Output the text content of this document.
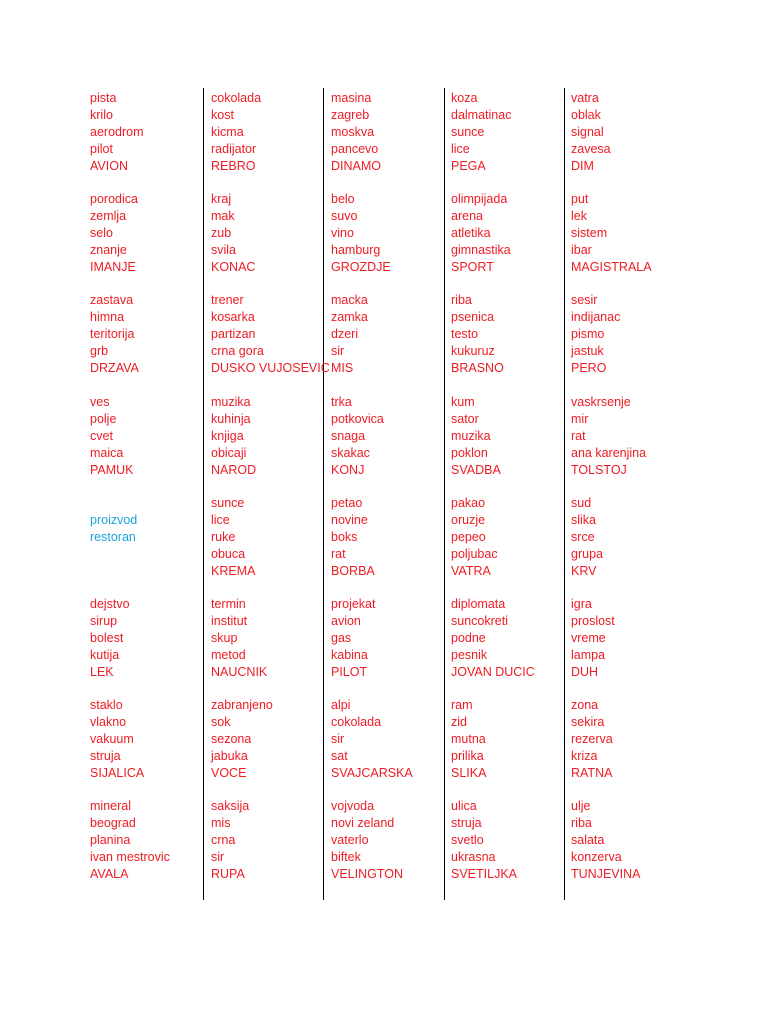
pista
krilo
aerodrom
pilot
AVION
cokolada
kost
kicma
radijator
REBRO
masina
zagreb
moskva
pancevo
DINAMO
koza
dalmatinac
sunce
lice
PEGA
vatra
oblak
signal
zavesa
DIM
porodica
zemlja
selo
znanje
IMANJE
kraj
mak
zub
svila
KONAC
belo
suvo
vino
hamburg
GROZDJE
olimpijada
arena
atletika
gimnastika
SPORT
put
lek
sistem
ibar
MAGISTRALA
zastava
himna
teritorija
grb
DRZAVA
trener
kosarka
partizan
crna gora
DUSKO VUJOSEVIC
macka
zamka
dzeri
sir
MIS
riba
psenica
testo
kukuruz
BRASNO
sesir
indijanac
pismo
jastuk
PERO
ves
polje
cvet
maica
PAMUK
muzika
kuhinja
knjiga
obicaji
NAROD
trka
potkovica
snaga
skakac
KONJ
kum
sator
muzika
poklon
SVADBA
vaskrsenje
mir
rat
ana karenjina
TOLSTOJ

proizvod
restoran

sunce
lice
ruke
obuca
KREMA
petao
novine
boks
rat
BORBA
pakao
oruzje
pepeo
poljubac
VATRA
sud
slika
srce
grupa
KRV
dejstvo
sirup
bolest
kutija
LEK
termin
institut
skup
metod
NAUCNIK
projekat
avion
gas
kabina
PILOT
diplomata
suncokreti
podne
pesnik
JOVAN DUCIC
igra
proslost
vreme
lampa
DUH
staklo
vlakno
vakuum
struja
SIJALICA
zabranjeno
sok
sezona
jabuka
VOCE
alpi
cokolada
sir
sat
SVAJCARSKA
ram
zid
mutna
prilika
SLIKA
zona
sekira
rezerva
kriza
RATNA
mineral
beograd
planina
ivan mestrovic
AVALA
saksija
mis
crna
sir
RUPA
vojvoda
novi zeland
vaterlo
biftek
VELINGTON
ulica
struja
svetlo
ukrasna
SVETILJKA
ulje
riba
salata
konzerva
TUNJEVINA
